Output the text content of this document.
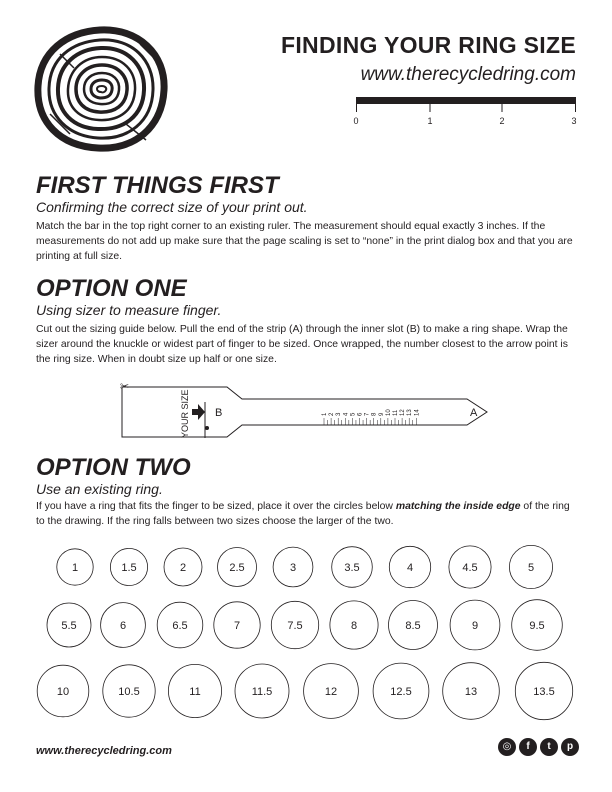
FINDING YOUR RING SIZE
www.therecycledring.com
0	1	2	3
FIRST THINGS FIRST
Confirming the correct size of your print out.
Match the bar in the top right corner to an existing ruler. The measurement should equal exactly 3 inches. If the measurements do not add up make sure that the page scaling is set to “none” in the print dialog box and that you are printing at full size.
OPTION ONE
Using sizer to measure finger.
Cut out the sizing guide below. Pull the end of the strip (A) through the inner slot (B) to make a ring shape. Wrap the sizer around the knuckle or widest part of finger to be sized. Once wrapped, the number closest to the arrow point is the ring size. When in doubt size up half or one size.
✂
YOUR SIZE B	A
1 2 3 4 5 6 7 8 9 10 11 12 13 14
OPTION TWO
Use an existing ring.
If you have a ring that fits the finger to be sized, place it over the circles below matching the inside edge of the ring to the drawing. If the ring falls between two sizes choose the larger of the two.
1	1.5	2	2.5	3	3.5	4	4.5	5
5.5	6	6.5	7	7.5	8	8.5	9	9.5
10	10.5	11	11.5	12	12.5	13	13.5
www.therecycledring.com	◎	f	t	p
